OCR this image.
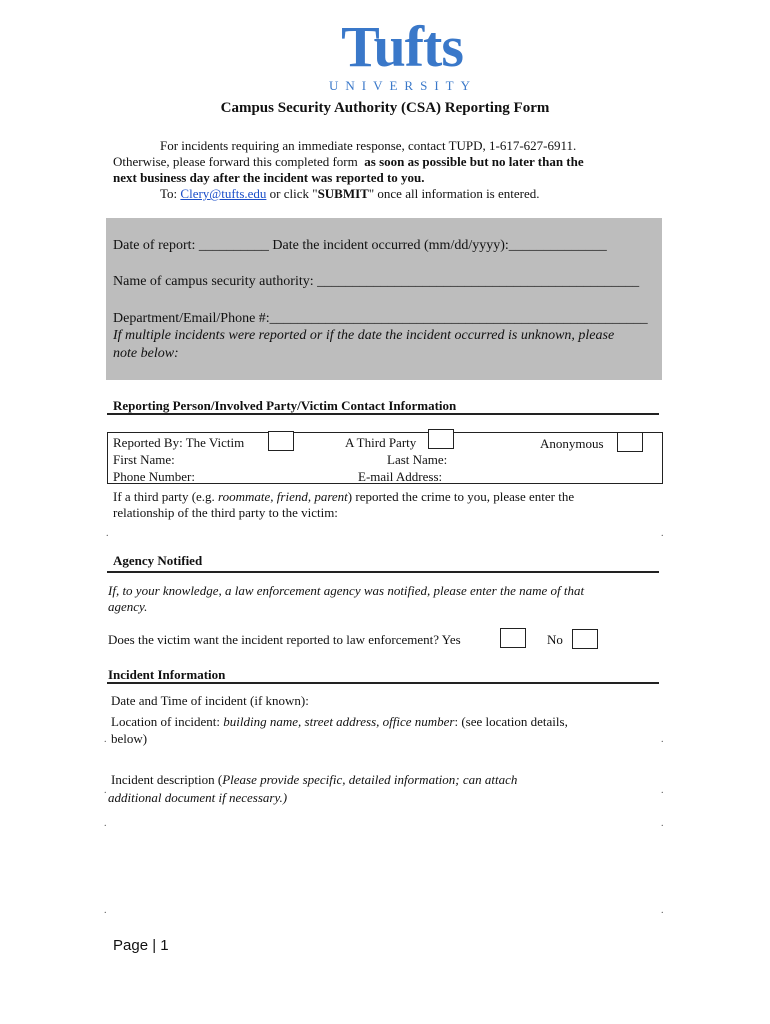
Tufts
UNIVERSITY
Campus Security Authority (CSA) Reporting Form
For incidents requiring an immediate response, contact TUPD, 1-617-627-6911.
Otherwise, please forward this completed form as soon as possible but no later than the
next business day after the incident was reported to you.
To: Clery@tufts.edu or click "SUBMIT" once all information is entered.
Date of report: __________ Date the incident occurred (mm/dd/yyyy):______________
Name of campus security authority: ______________________________________________
Department/Email/Phone #:______________________________________________________
If multiple incidents were reported or if the date the incident occurred is unknown, please
note below:
Reporting Person/Involved Party/Victim Contact Information
Reported By: The Victim	A Third Party	Anonymous
First Name:	Last Name:
Phone Number:	E-mail Address:
If a third party (e.g. roommate, friend, parent) reported the crime to you, please enter the
relationship of the third party to the victim:
.	.
Agency Notified
If, to your knowledge, a law enforcement agency was notified, please enter the name of that
agency.
Does the victim want the incident reported to law enforcement? Yes	No
Incident Information
Date and Time of incident (if known):
Location of incident: building name, street address, office number: (see location details,
below)
.	.
Incident description (Please provide specific, detailed information; can attach
additional document if necessary.)
.	.
.	.
.	.
Page | 1
